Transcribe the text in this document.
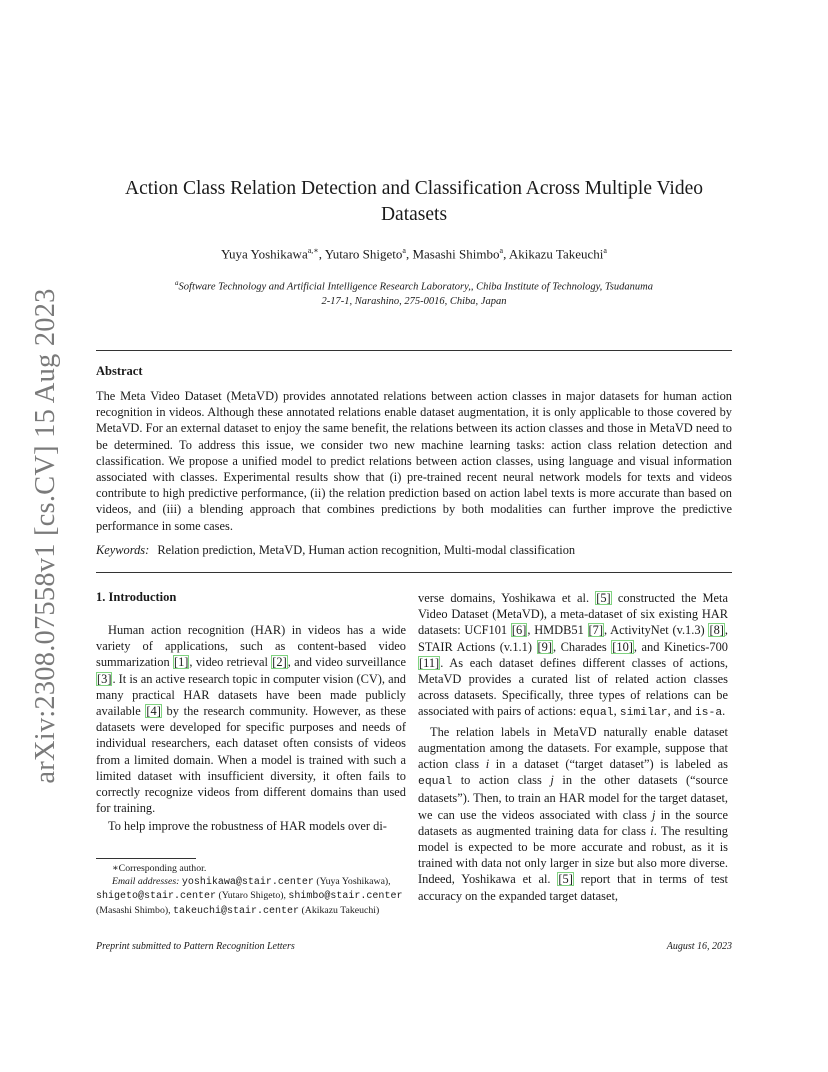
arXiv:2308.07558v1 [cs.CV] 15 Aug 2023
Action Class Relation Detection and Classification Across Multiple Video Datasets
Yuya Yoshikawa$^{a,∗}$, Yutaro Shigeto$^a$, Masashi Shimbo$^a$, Akikazu Takeuchi$^a$
$^a$Software Technology and Artificial Intelligence Research Laboratory,, Chiba Institute of Technology, Tsudanuma
2-17-1, Narashino, 275-0016, Chiba, Japan
Abstract
The Meta Video Dataset (MetaVD) provides annotated relations between action classes in major datasets for human action recognition in videos. Although these annotated relations enable dataset augmentation, it is only applicable to those covered by MetaVD. For an external dataset to enjoy the same benefit, the relations between its action classes and those in MetaVD need to be determined. To address this issue, we consider two new machine learning tasks: action class relation detection and classification. We propose a unified model to predict relations between action classes, using language and visual information associated with classes. Experimental results show that (i) pre-trained recent neural network models for texts and videos contribute to high predictive performance, (ii) the relation prediction based on action label texts is more accurate than based on videos, and (iii) a blending approach that combines predictions by both modalities can further improve the predictive performance in some cases.
Keywords: Relation prediction, MetaVD, Human action recognition, Multi-modal classification
1. Introduction

Human action recognition (HAR) in videos has a wide variety of applications, such as content-based video summarization [1], video retrieval [2], and video surveillance [3]. It is an active research topic in computer vision (CV), and many practical HAR datasets have been made publicly available [4] by the research community. However, as these datasets were developed for specific purposes and needs of individual researchers, each dataset often consists of videos from a limited domain. When a model is trained with such a limited dataset with insufficient diversity, it often fails to correctly recognize videos from different domains than used for training.

To help improve the robustness of HAR models over di-

verse domains, Yoshikawa et al. [5] constructed the Meta Video Dataset (MetaVD), a meta-dataset of six existing HAR datasets: UCF101 [6], HMDB51 [7], ActivityNet (v.1.3) [8], STAIR Actions (v.1.1) [9], Charades [10], and Kinetics-700 [11]. As each dataset defines different classes of actions, MetaVD provides a curated list of related action classes across datasets. Specifically, three types of relations can be associated with pairs of actions: equal, similar, and is-a.

The relation labels in MetaVD naturally enable dataset augmentation among the datasets. For example, suppose that action class i in a dataset (“target dataset”) is labeled as equal to action class j in the other datasets (“source datasets”). Then, to train an HAR model for the target dataset, we can use the videos associated with class j in the source datasets as augmented training data for class i. The resulting model is expected to be more accurate and robust, as it is trained with data not only larger in size but also more diverse. Indeed, Yoshikawa et al. [5] report that in terms of test accuracy on the expanded target dataset,

∗Corresponding author.
Email addresses: yoshikawa@stair.center (Yuya Yoshikawa),
shigeto@stair.center (Yutaro Shigeto), shimbo@stair.center
(Masashi Shimbo), takeuchi@stair.center (Akikazu Takeuchi)
Preprint submitted to Pattern Recognition Letters	August 16, 2023
